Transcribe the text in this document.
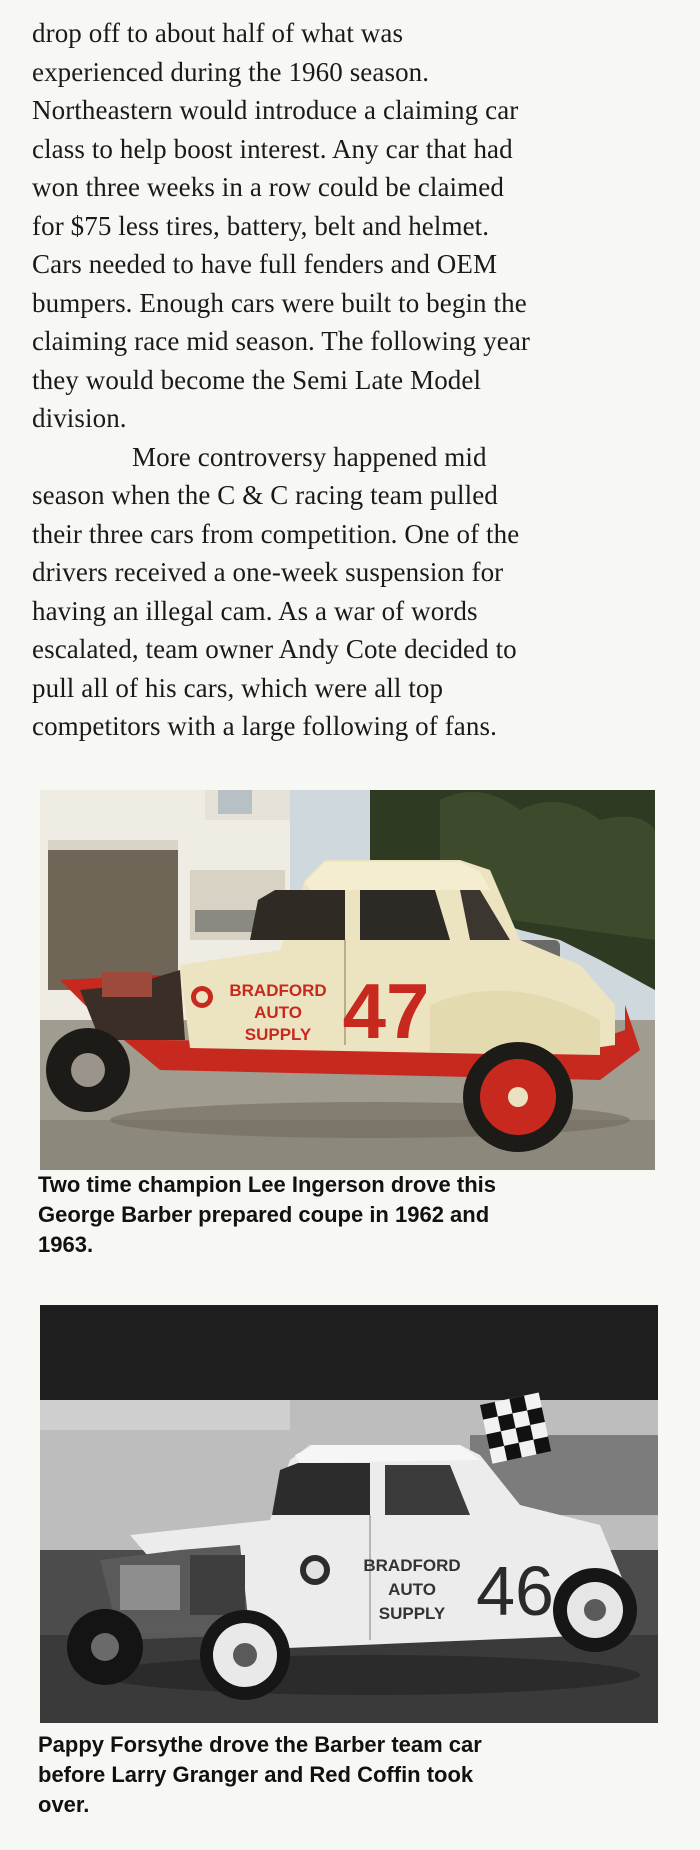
drop off to about half of what was
experienced during the 1960 season.
Northeastern would introduce a claiming car
class to help boost interest. Any car that had
won three weeks in a row could be claimed
for $75 less tires, battery, belt and helmet.
Cars needed to have full fenders and OEM
bumpers. Enough cars were built to begin the
claiming race mid season. The following year
they would become the Semi Late Model
division.

More controversy happened mid
season when the C & C racing team pulled
their three cars from competition. One of the
drivers received a one-week suspension for
having an illegal cam. As a war of words
escalated, team owner Andy Cote decided to
pull all of his cars, which were all top
competitors with a large following of fans.

BRADFORD
AUTO
SUPPLY 47
Two time champion Lee Ingerson drove this
George Barber prepared coupe in 1962 and
1963.
BRADFORD
AUTO
SUPPLY 46
Pappy Forsythe drove the Barber team car
before Larry Granger and Red Coffin took
over.
